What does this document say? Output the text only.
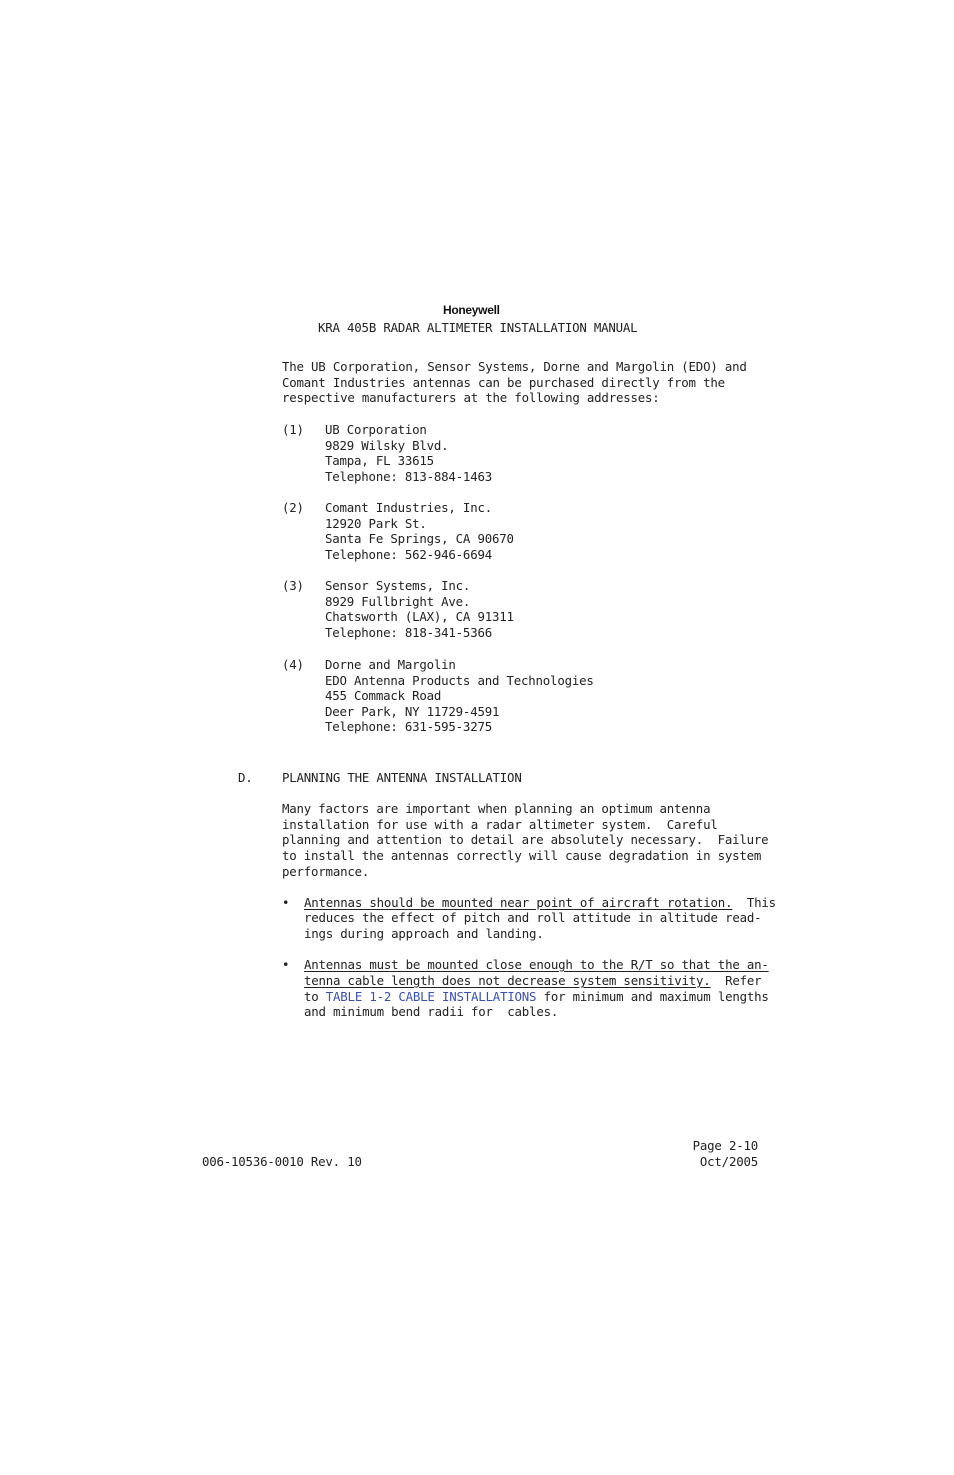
Honeywell
KRA 405B RADAR ALTIMETER INSTALLATION MANUAL
The UB Corporation, Sensor Systems, Dorne and Margolin (EDO) and
Comant Industries antennas can be purchased directly from the
respective manufacturers at the following addresses:
(1) UB Corporation
9829 Wilsky Blvd.
Tampa, FL 33615
Telephone: 813-884-1463
(2) Comant Industries, Inc.
12920 Park St.
Santa Fe Springs, CA 90670
Telephone: 562-946-6694
(3) Sensor Systems, Inc.
8929 Fullbright Ave.
Chatsworth (LAX), CA 91311
Telephone: 818-341-5366
(4) Dorne and Margolin
EDO Antenna Products and Technologies
455 Commack Road
Deer Park, NY 11729-4591
Telephone: 631-595-3275
D. PLANNING THE ANTENNA INSTALLATION
Many factors are important when planning an optimum antenna
installation for use with a radar altimeter system.  Careful
planning and attention to detail are absolutely necessary.  Failure
to install the antennas correctly will cause degradation in system
performance.
• Antennas should be mounted near point of aircraft rotation.  This
reduces the effect of pitch and roll attitude in altitude read-
ings during approach and landing.
• Antennas must be mounted close enough to the R/T so that the an-
tenna cable length does not decrease system sensitivity.  Refer
to TABLE 1-2 CABLE INSTALLATIONS for minimum and maximum lengths
and minimum bend radii for  cables.
Page 2-10
006-10536-0010 Rev. 10	Oct/2005
